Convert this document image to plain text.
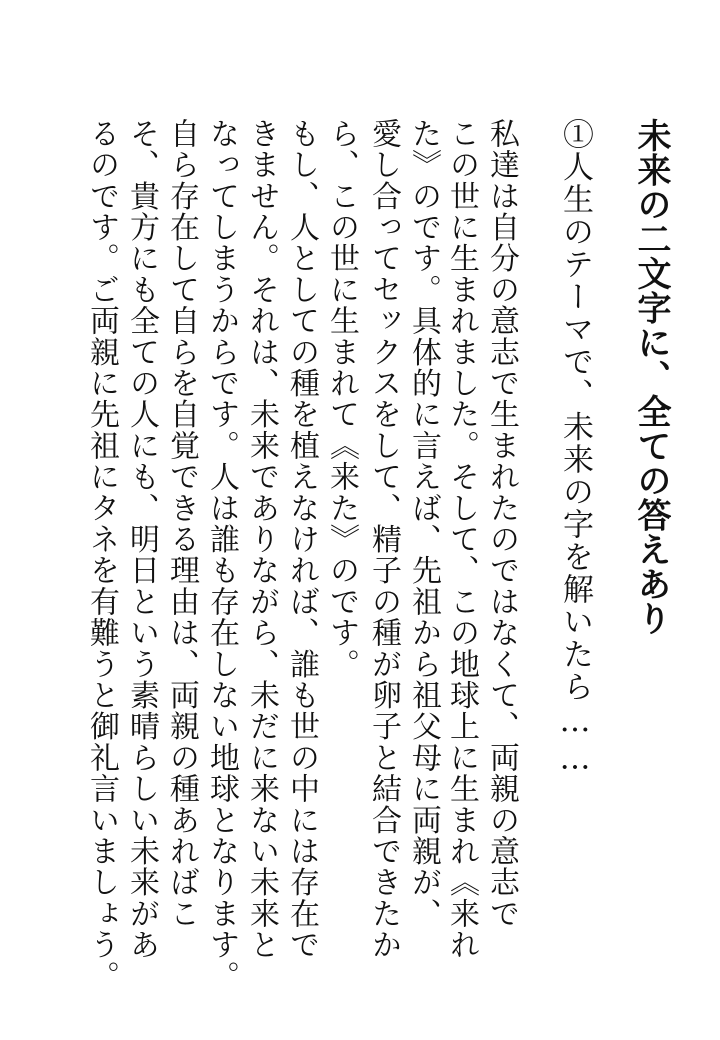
未来の二文字に、全ての答えあり
①人生のテーマで、未来の字を解いたら……
私達は自分の意志で生まれたのではなくて、両親の意志で
この世に生まれました。そして、この地球上に生まれ《来れ
た》のです。具体的に言えば、先祖から祖父母に両親が、
愛し合ってセックスをして、精子の種が卵子と結合できたか
ら、この世に生まれて《来た》のです。
もし、人としての種を植えなければ、誰も世の中には存在で
きません。それは、未来でありながら、未だに来ない未来と
なってしまうからです。人は誰も存在しない地球となります。
自ら存在して自らを自覚できる理由は、両親の種あればこ
そ、貴方にも全ての人にも、明日という素晴らしい未来があ
るのです。ご両親に先祖にタネを有難うと御礼言いましょう。
